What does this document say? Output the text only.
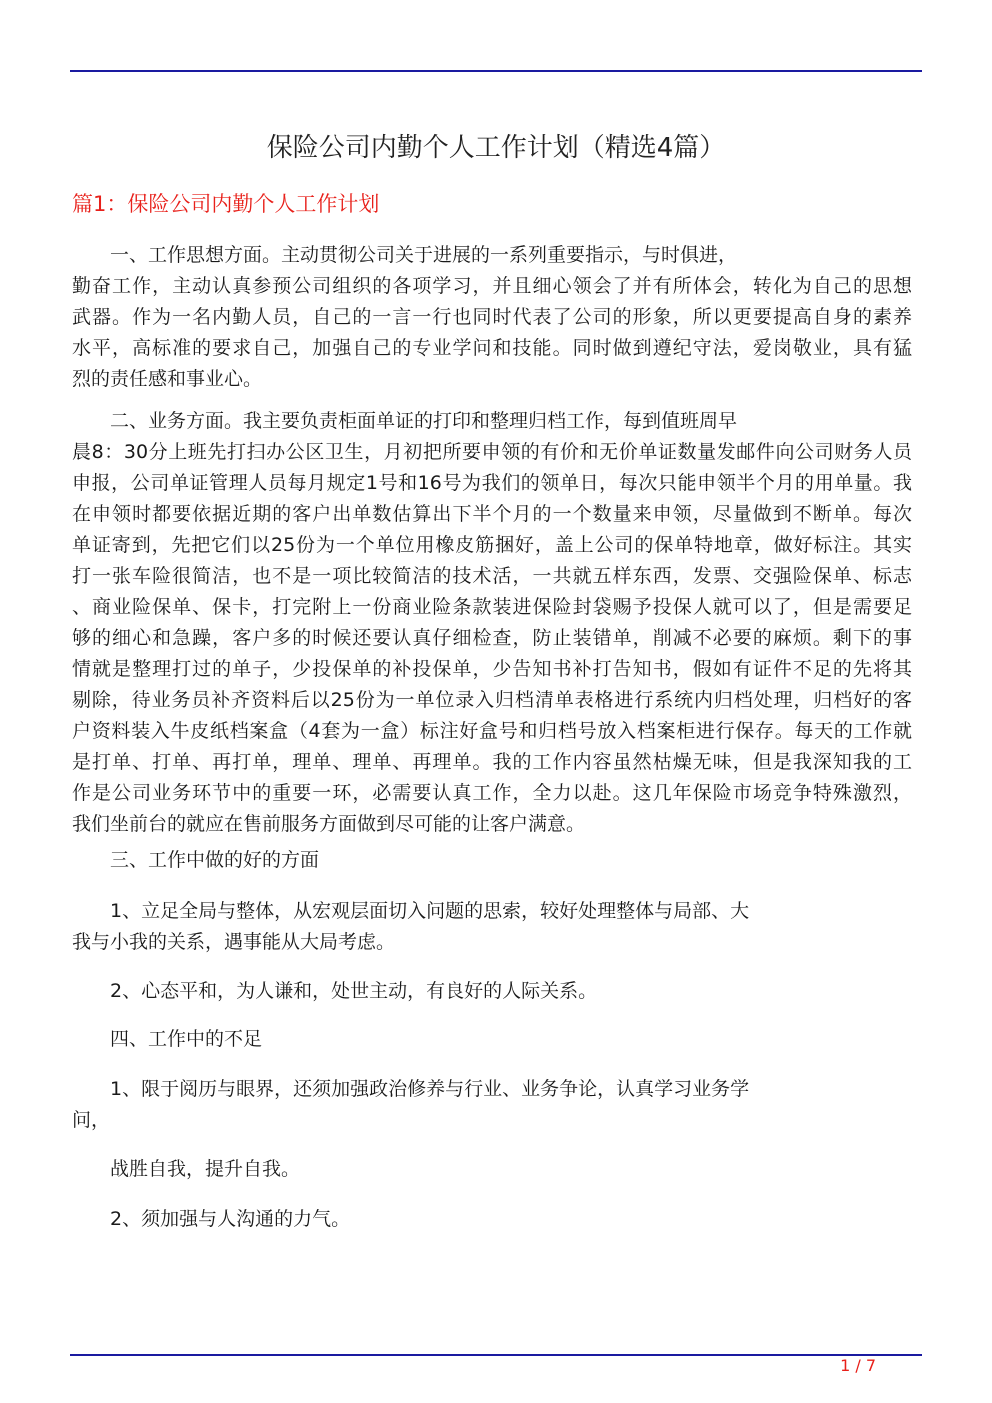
保险公司内勤个人工作计划（精选4篇）
篇1：保险公司内勤个人工作计划
一、工作思想方面。主动贯彻公司关于进展的一系列重要指示，与时俱进，
勤奋工作，主动认真参预公司组织的各项学习，并且细心领会了并有所体会，转化为自己的思想
武器。作为一名内勤人员，自己的一言一行也同时代表了公司的形象，所以更要提高自身的素养
水平，高标准的要求自己，加强自己的专业学问和技能。同时做到遵纪守法，爱岗敬业，具有猛
烈的责任感和事业心。
二、业务方面。我主要负责柜面单证的打印和整理归档工作，每到值班周早
晨8：30分上班先打扫办公区卫生，月初把所要申领的有价和无价单证数量发邮件向公司财务人员
申报，公司单证管理人员每月规定1号和16号为我们的领单日，每次只能申领半个月的用单量。我
在申领时都要依据近期的客户出单数估算出下半个月的一个数量来申领，尽量做到不断单。每次
单证寄到，先把它们以25份为一个单位用橡皮筋捆好，盖上公司的保单特地章，做好标注。其实
打一张车险很简洁，也不是一项比较简洁的技术活，一共就五样东西，发票、交强险保单、标志
、商业险保单、保卡，打完附上一份商业险条款装进保险封袋赐予投保人就可以了，但是需要足
够的细心和急躁，客户多的时候还要认真仔细检查，防止装错单，削减不必要的麻烦。剩下的事
情就是整理打过的单子，少投保单的补投保单，少告知书补打告知书，假如有证件不足的先将其
剔除，待业务员补齐资料后以25份为一单位录入归档清单表格进行系统内归档处理，归档好的客
户资料装入牛皮纸档案盒（4套为一盒）标注好盒号和归档号放入档案柜进行保存。每天的工作就
是打单、打单、再打单，理单、理单、再理单。我的工作内容虽然枯燥无味，但是我深知我的工
作是公司业务环节中的重要一环，必需要认真工作，全力以赴。这几年保险市场竞争特殊激烈，
我们坐前台的就应在售前服务方面做到尽可能的让客户满意。
三、工作中做的好的方面
1、立足全局与整体，从宏观层面切入问题的思索，较好处理整体与局部、大
我与小我的关系，遇事能从大局考虑。
2、心态平和，为人谦和，处世主动，有良好的人际关系。
四、工作中的不足
1、限于阅历与眼界，还须加强政治修养与行业、业务争论，认真学习业务学
问，
战胜自我，提升自我。
2、须加强与人沟通的力气。
1 / 7
